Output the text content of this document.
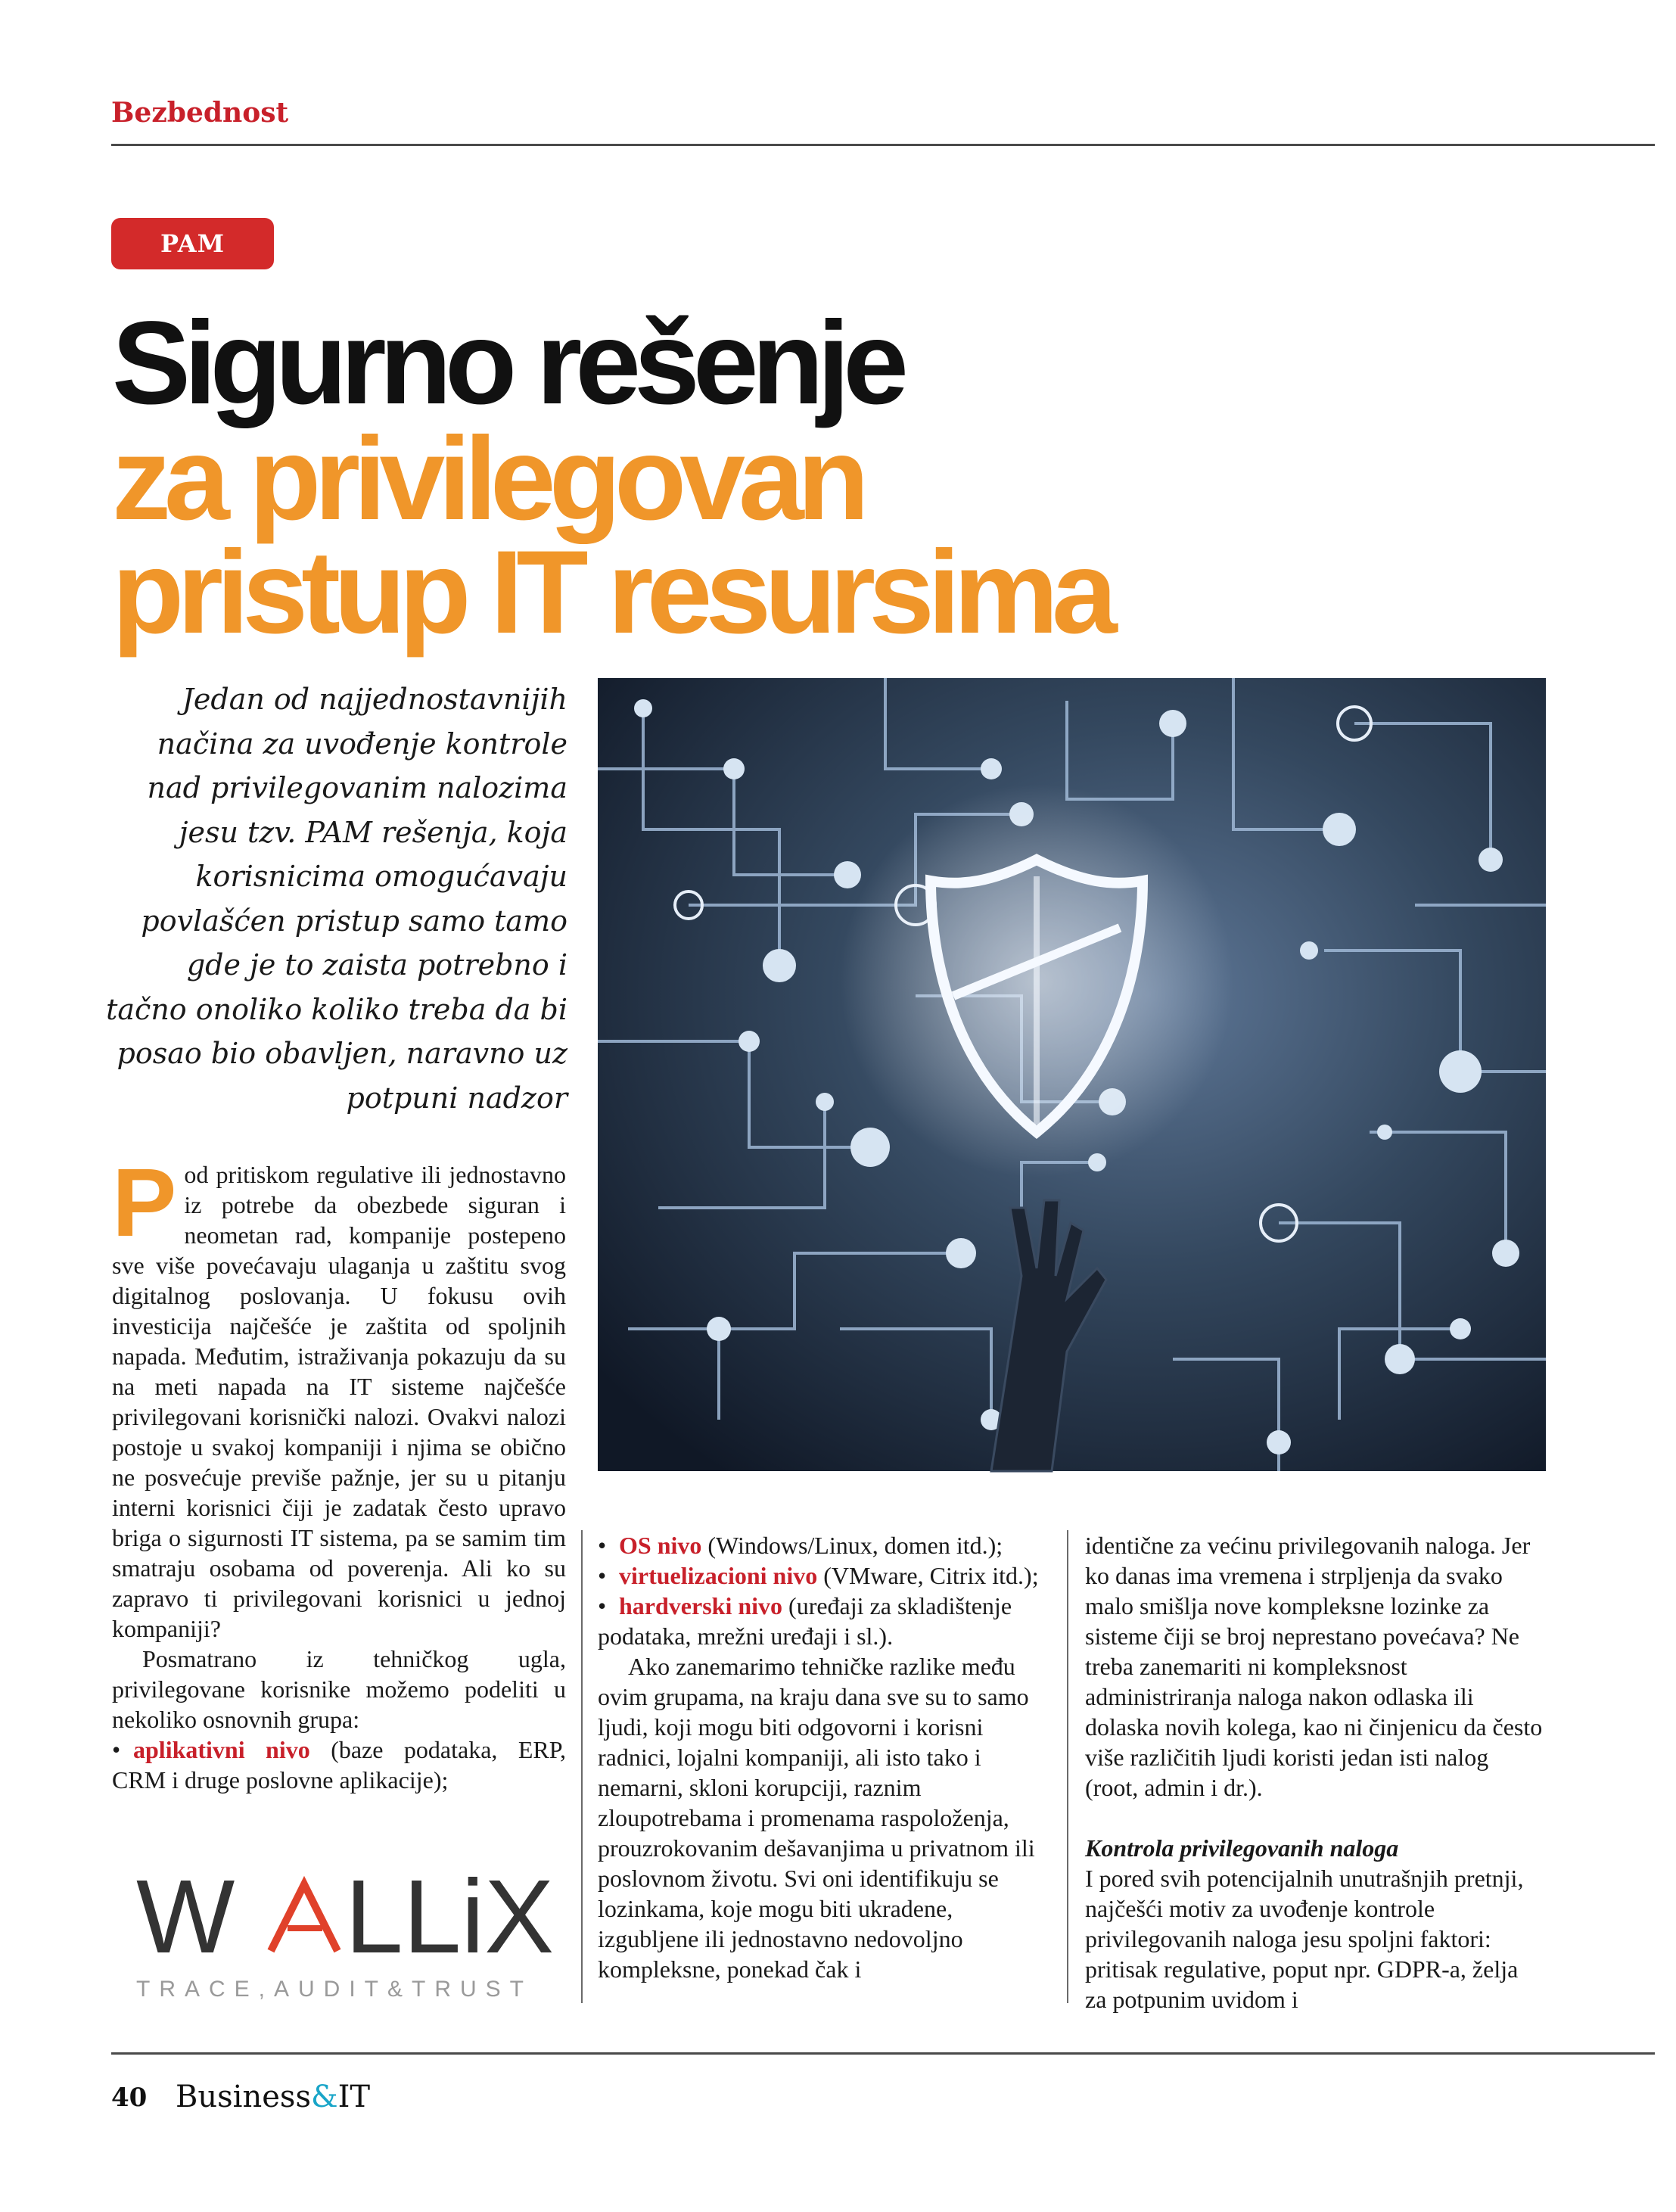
Bezbednost
PAM
Sigurno rešenje
za privilegovan
pristup IT resursima
Jedan od najjednostavnijih načina za uvođenje kontrole nad privilegovanim nalozima jesu tzv. PAM rešenja, koja korisnicima omogućavaju povlašćen pristup samo tamo gde je to zaista potrebno i tačno onoliko koliko treba da bi posao bio obavljen, naravno uz potpuni nadzor
P od pritiskom regulative ili jednostavno iz potrebe da obezbede siguran i neometan rad, kompanije postepeno sve više povećavaju ulaganja u zaštitu svog digitalnog poslovanja. U fokusu ovih investicija najčešće je zaštita od spoljnih napada. Međutim, istraživanja pokazuju da su na meti napada na IT sisteme najčešće privilegovani korisnički nalozi. Ovakvi nalozi postoje u svakoj kompaniji i njima se obično ne posvećuje previše pažnje, jer su u pitanju interni korisnici čiji je zadatak često upravo briga o sigurnosti IT sistema, pa se samim tim smatraju osobama od poverenja. Ali ko su zapravo ti privilegovani korisnici u jednoj kompaniji?

Posmatrano iz tehničkog ugla, privilegovane korisnike možemo podeliti u nekoliko osnovnih grupa:

• aplikativni nivo (baze podataka, ERP, CRM i druge poslovne aplikacije);
• OS nivo (Windows/Linux, domen itd.);
• virtuelizacioni nivo (VMware, Citrix itd.);
• hardverski nivo (uređaji za skladištenje podataka, mrežni uređaji i sl.).

Ako zanemarimo tehničke razlike među ovim grupama, na kraju dana sve su to samo ljudi, koji mogu biti odgovorni i korisni radnici, lojalni kompaniji, ali isto tako i nemarni, skloni korupciji, raznim zloupotrebama i promenama raspoloženja, prouzrokovanim dešavanjima u privatnom ili poslovnom životu. Svi oni identifikuju se lozinkama, koje mogu biti ukradene, izgubljene ili jednostavno nedovoljno kompleksne, ponekad čak i

identične za većinu privilegovanih naloga. Jer ko danas ima vremena i strpljenja da svako malo smišlja nove kompleksne lozinke za sisteme čiji se broj neprestano povećava? Ne treba zanemariti ni kompleksnost administriranja naloga nakon odlaska ili dolaska novih kolega, kao ni činjenicu da često više različitih ljudi koristi jedan isti nalog (root, admin i dr.).

Kontrola privilegovanih naloga

I pored svih potencijalnih unutrašnjih pretnji, najčešći motiv za uvođenje kontrole privilegovanih naloga jesu spoljni faktori: pritisak regulative, poput npr. GDPR-a, želja za potpunim uvidom i

W LLiX
TRACE,AUDIT&TRUST
40 Business&IT
